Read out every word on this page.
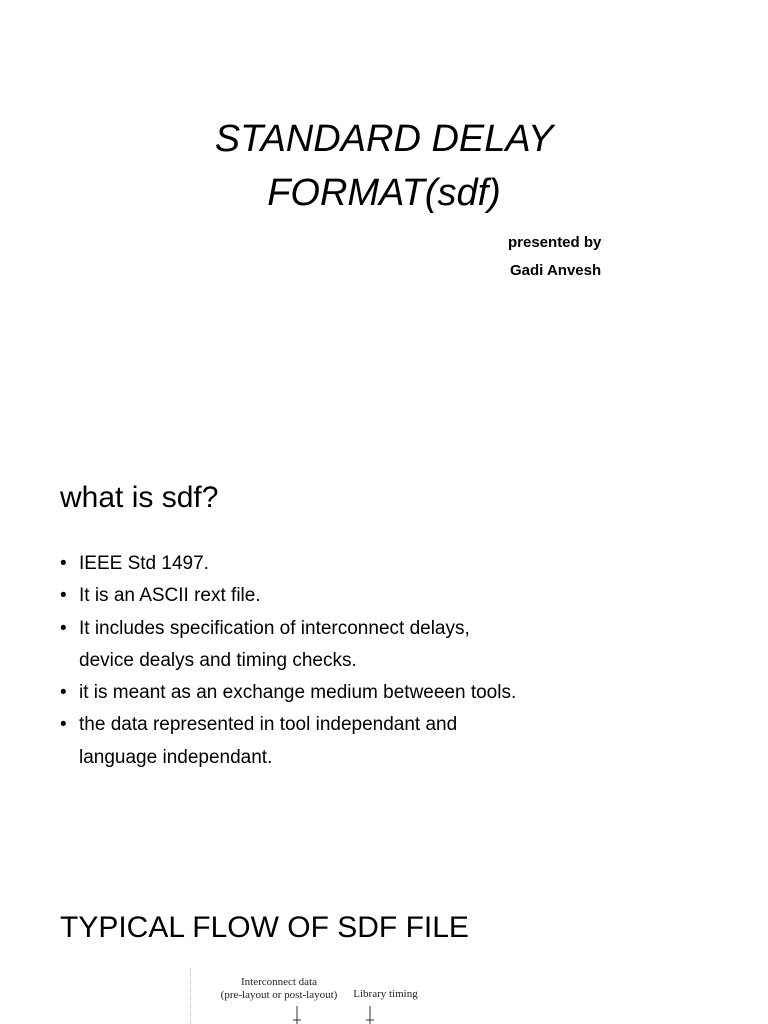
STANDARD DELAY
FORMAT(sdf)
presented by
Gadi Anvesh
what is sdf?
• IEEE Std 1497.
• It is an ASCII rext file.
• It includes specification of interconnect delays,
device dealys and timing checks.
• it is meant as an exchange medium betweeen tools.
• the data represented in tool independant and
language independant.
TYPICAL FLOW OF SDF FILE
Interconnect data
(pre-layout or post-layout)	Library timing
